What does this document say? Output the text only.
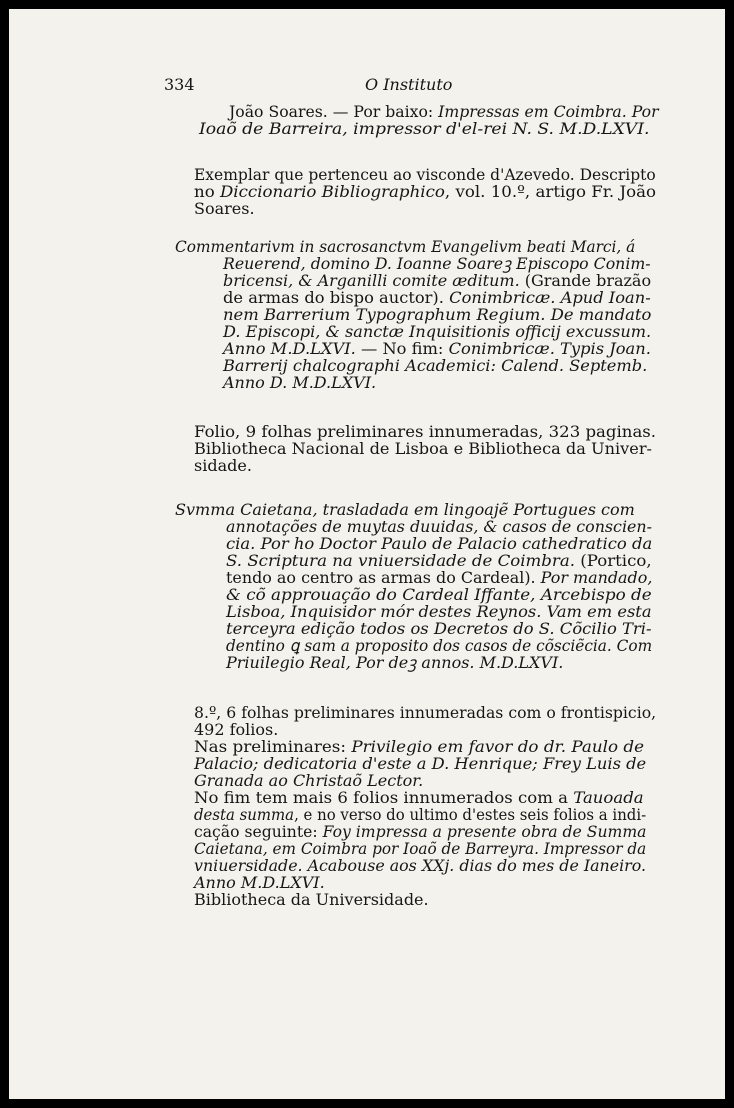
334	O Instituto
João Soares. — Por baixo: Impressas em Coimbra. Por
Ioaõ de Barreira, impressor d'el-rei N. S. M.D.LXVI.
Exemplar que pertenceu ao visconde d'Azevedo. Descripto
no Diccionario Bibliographico, vol. 10.º, artigo Fr. João
Soares.
Commentarivm in sacrosanctvm Evangelivm beati Marci, á
Reuerend, domino D. Ioanne Soareꝫ Episcopo Conim-
bricensi, & Arganilli comite æditum. (Grande brazão
de armas do bispo auctor). Conimbricæ. Apud Ioan-
nem Barrerium Typographum Regium. De mandato
D. Episcopi, & sanctæ Inquisitionis officij excussum.
Anno M.D.LXVI. — No fim: Conimbricæ. Typis Joan.
Barrerij chalcographi Academici: Calend. Septemb.
Anno D. M.D.LXVI.
Folio, 9 folhas preliminares innumeradas, 323 paginas.
Bibliotheca Nacional de Lisboa e Bibliotheca da Univer-
sidade.
Svmma Caietana, trasladada em lingoajẽ Portugues com
annotações de muytas duuidas, & casos de conscien-
cia. Por ho Doctor Paulo de Palacio cathedratico da
S. Scriptura na vniuersidade de Coimbra. (Portico,
tendo ao centro as armas do Cardeal). Por mandado,
& cõ approuação do Cardeal Iffante, Arcebispo de
Lisboa, Inquisidor mór destes Reynos. Vam em esta
terceyra edição todos os Decretos do S. Cõcilio Tri-
dentino ꝗ sam a proposito dos casos de cõsciẽcia. Com
Priuilegio Real, Por deꝫ annos. M.D.LXVI.
8.º, 6 folhas preliminares innumeradas com o frontispicio,
492 folios.
Nas preliminares: Privilegio em favor do dr. Paulo de
Palacio; dedicatoria d'este a D. Henrique; Frey Luis de
Granada ao Christaõ Lector.
No fim tem mais 6 folios innumerados com a Tauoada
desta summa, e no verso do ultimo d'estes seis folios a indi-
cação seguinte: Foy impressa a presente obra de Summa
Caietana, em Coimbra por Ioaõ de Barreyra. Impressor da
vniuersidade. Acabouse aos XXj. dias do mes de Ianeiro.
Anno M.D.LXVI.
Bibliotheca da Universidade.
